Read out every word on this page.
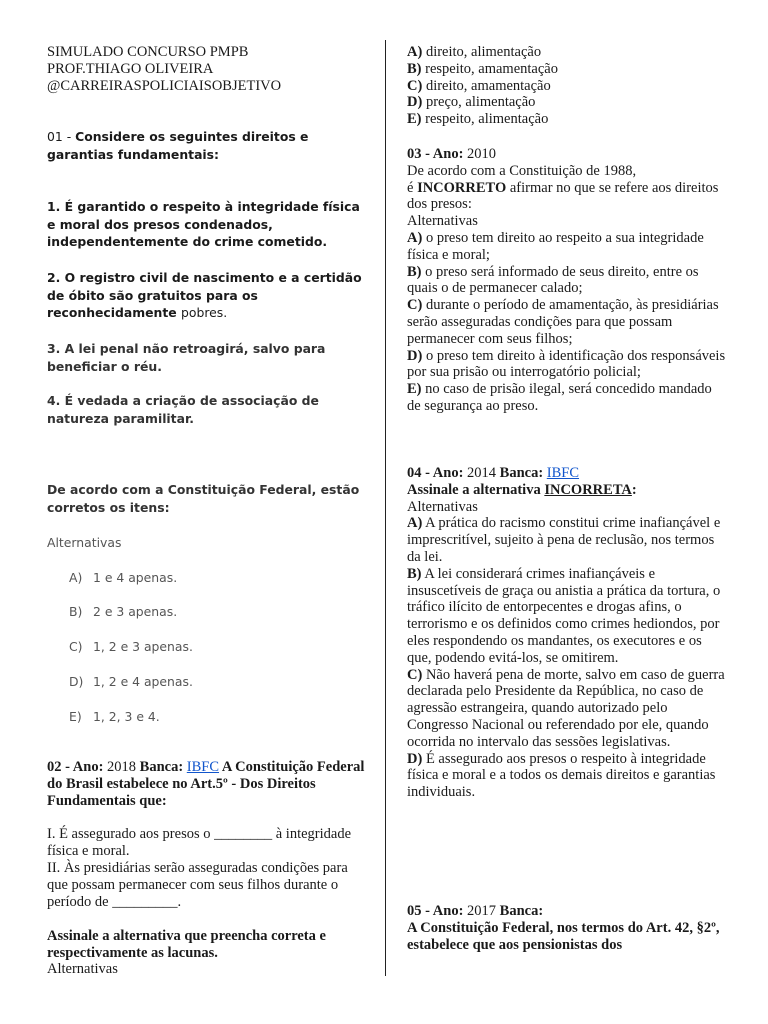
SIMULADO CONCURSO PMPB
PROF.THIAGO OLIVEIRA
@CARREIRASPOLICIAISOBJETIVO
01 - Considere os seguintes direitos e garantias fundamentais:
1. É garantido o respeito à integridade física e moral dos presos condenados, independentemente do crime cometido.
2. O registro civil de nascimento e a certidão de óbito são gratuitos para os reconhecidamente pobres.
3. A lei penal não retroagirá, salvo para beneficiar o réu.
4. É vedada a criação de associação de natureza paramilitar.
De acordo com a Constituição Federal, estão corretos os itens:
Alternativas
A) 1 e 4 apenas.
B) 2 e 3 apenas.
C) 1, 2 e 3 apenas.
D) 1, 2 e 4 apenas.
E) 1, 2, 3 e 4.
02 - Ano: 2018 Banca: IBFC A Constituição Federal do Brasil estabelece no Art.5º - Dos Direitos Fundamentais que:
I. É assegurado aos presos o ________ à integridade física e moral.
II. Às presidiárias serão asseguradas condições para que possam permanecer com seus filhos durante o período de _________.
Assinale a alternativa que preencha correta e respectivamente as lacunas.
Alternativas
A) direito, alimentação
B) respeito, amamentação
C) direito, amamentação
D) preço, alimentação
E) respeito, alimentação
03 - Ano: 2010
De acordo com a Constituição de 1988,
é INCORRETO afirmar no que se refere aos direitos dos presos:
Alternativas
A) o preso tem direito ao respeito a sua integridade física e moral;
B) o preso será informado de seus direito, entre os quais o de permanecer calado;
C) durante o período de amamentação, às presidiárias serão asseguradas condições para que possam permanecer com seus filhos;
D) o preso tem direito à identificação dos responsáveis por sua prisão ou interrogatório policial;
E) no caso de prisão ilegal, será concedido mandado de segurança ao preso.
04 - Ano: 2014 Banca: IBFC
Assinale a alternativa INCORRETA:
Alternativas
A) A prática do racismo constitui crime inafiançável e imprescritível, sujeito à pena de reclusão, nos termos da lei.
B) A lei considerará crimes inafiançáveis e insuscetíveis de graça ou anistia a prática da tortura, o tráfico ilícito de entorpecentes e drogas afins, o terrorismo e os definidos como crimes hediondos, por eles respondendo os mandantes, os executores e os que, podendo evitá-los, se omitirem.
C) Não haverá pena de morte, salvo em caso de guerra declarada pelo Presidente da República, no caso de agressão estrangeira, quando autorizado pelo Congresso Nacional ou referendado por ele, quando ocorrida no intervalo das sessões legislativas.
D) É assegurado aos presos o respeito à integridade física e moral e a todos os demais direitos e garantias individuais.
05 - Ano: 2017 Banca:
A Constituição Federal, nos termos do Art. 42, §2º, estabelece que aos pensionistas dos
